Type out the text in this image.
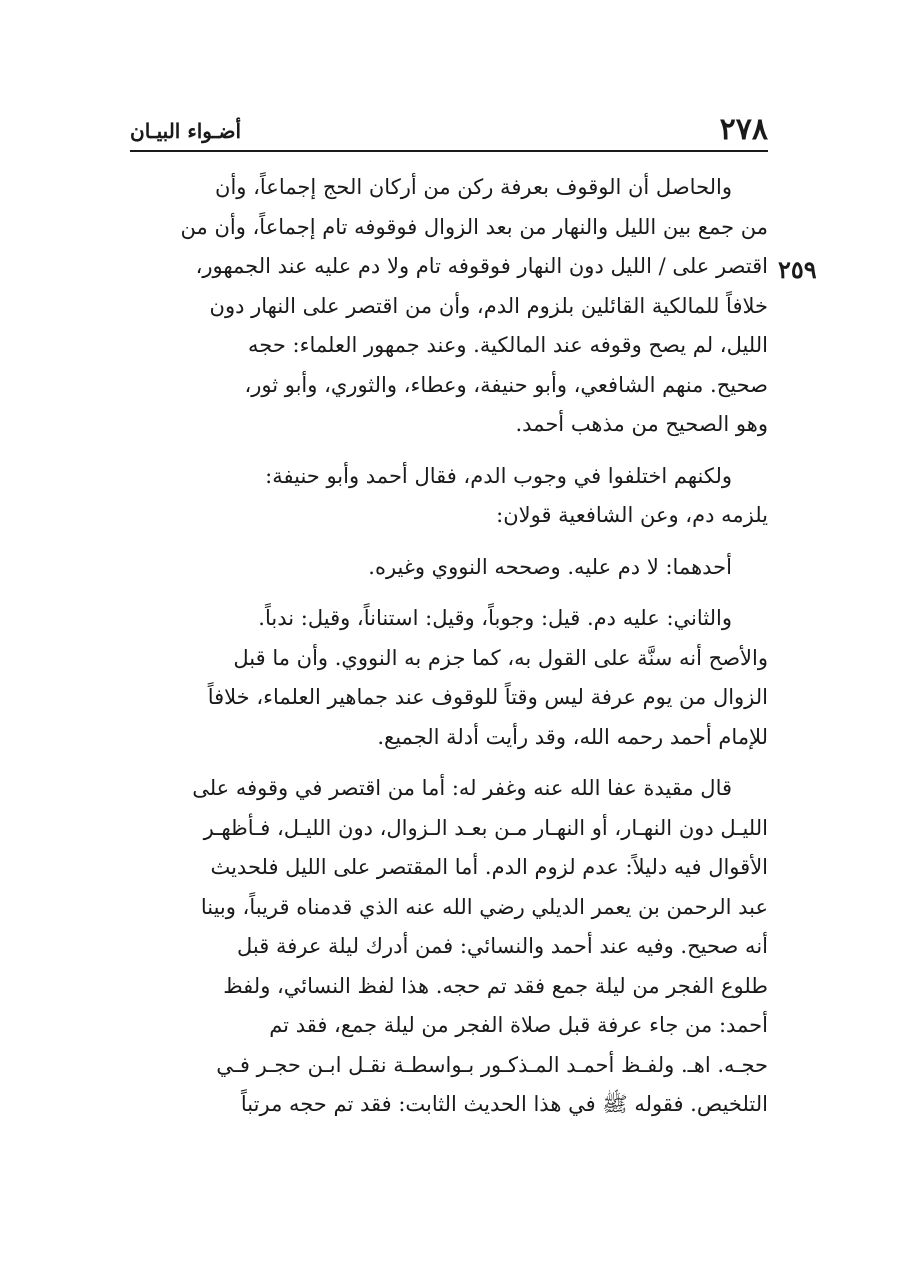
٢٧٨
أضـواء البيـان
٢٥٩

والحاصل أن الوقوف بعرفة ركن من أركان الحج إجماعاً، وأن
من جمع بين الليل والنهار من بعد الزوال فوقوفه تام إجماعاً، وأن من
اقتصر على / الليل دون النهار فوقوفه تام ولا دم عليه عند الجمهور،
خلافاً للمالكية القائلين بلزوم الدم، وأن من اقتصر على النهار دون
الليل، لم يصح وقوفه عند المالكية. وعند جمهور العلماء: حجه
صحيح. منهم الشافعي، وأبو حنيفة، وعطاء، والثوري، وأبو ثور،
وهو الصحيح من مذهب أحمد.

ولكنهم اختلفوا في وجوب الدم، فقال أحمد وأبو حنيفة:
يلزمه دم، وعن الشافعية قولان:

أحدهما: لا دم عليه. وصححه النووي وغيره.

والثاني: عليه دم. قيل: وجوباً، وقيل: استناناً، وقيل: ندباً.
والأصح أنه سنَّة على القول به، كما جزم به النووي. وأن ما قبل
الزوال من يوم عرفة ليس وقتاً للوقوف عند جماهير العلماء، خلافاً
للإمام أحمد رحمه الله، وقد رأيت أدلة الجميع.

قال مقيدة عفا الله عنه وغفر له: أما من اقتصر في وقوفه على
الليـل دون النهـار، أو النهـار مـن بعـد الـزوال، دون الليـل، فـأظهـر
الأقوال فيه دليلاً: عدم لزوم الدم. أما المقتصر على الليل فلحديث
عبد الرحمن بن يعمر الديلي رضي الله عنه الذي قدمناه قريباً، وبينا
أنه صحيح. وفيه عند أحمد والنسائي: فمن أدرك ليلة عرفة قبل
طلوع الفجر من ليلة جمع فقد تم حجه. هذا لفظ النسائي، ولفظ
أحمد: من جاء عرفة قبل صلاة الفجر من ليلة جمع، فقد تم
حجـه. اهـ. ولفـظ أحمـد المـذكـور بـواسطـة نقـل ابـن حجـر فـي
التلخيص. فقوله ﷺ في هذا الحديث الثابت: فقد تم حجه مرتباً
